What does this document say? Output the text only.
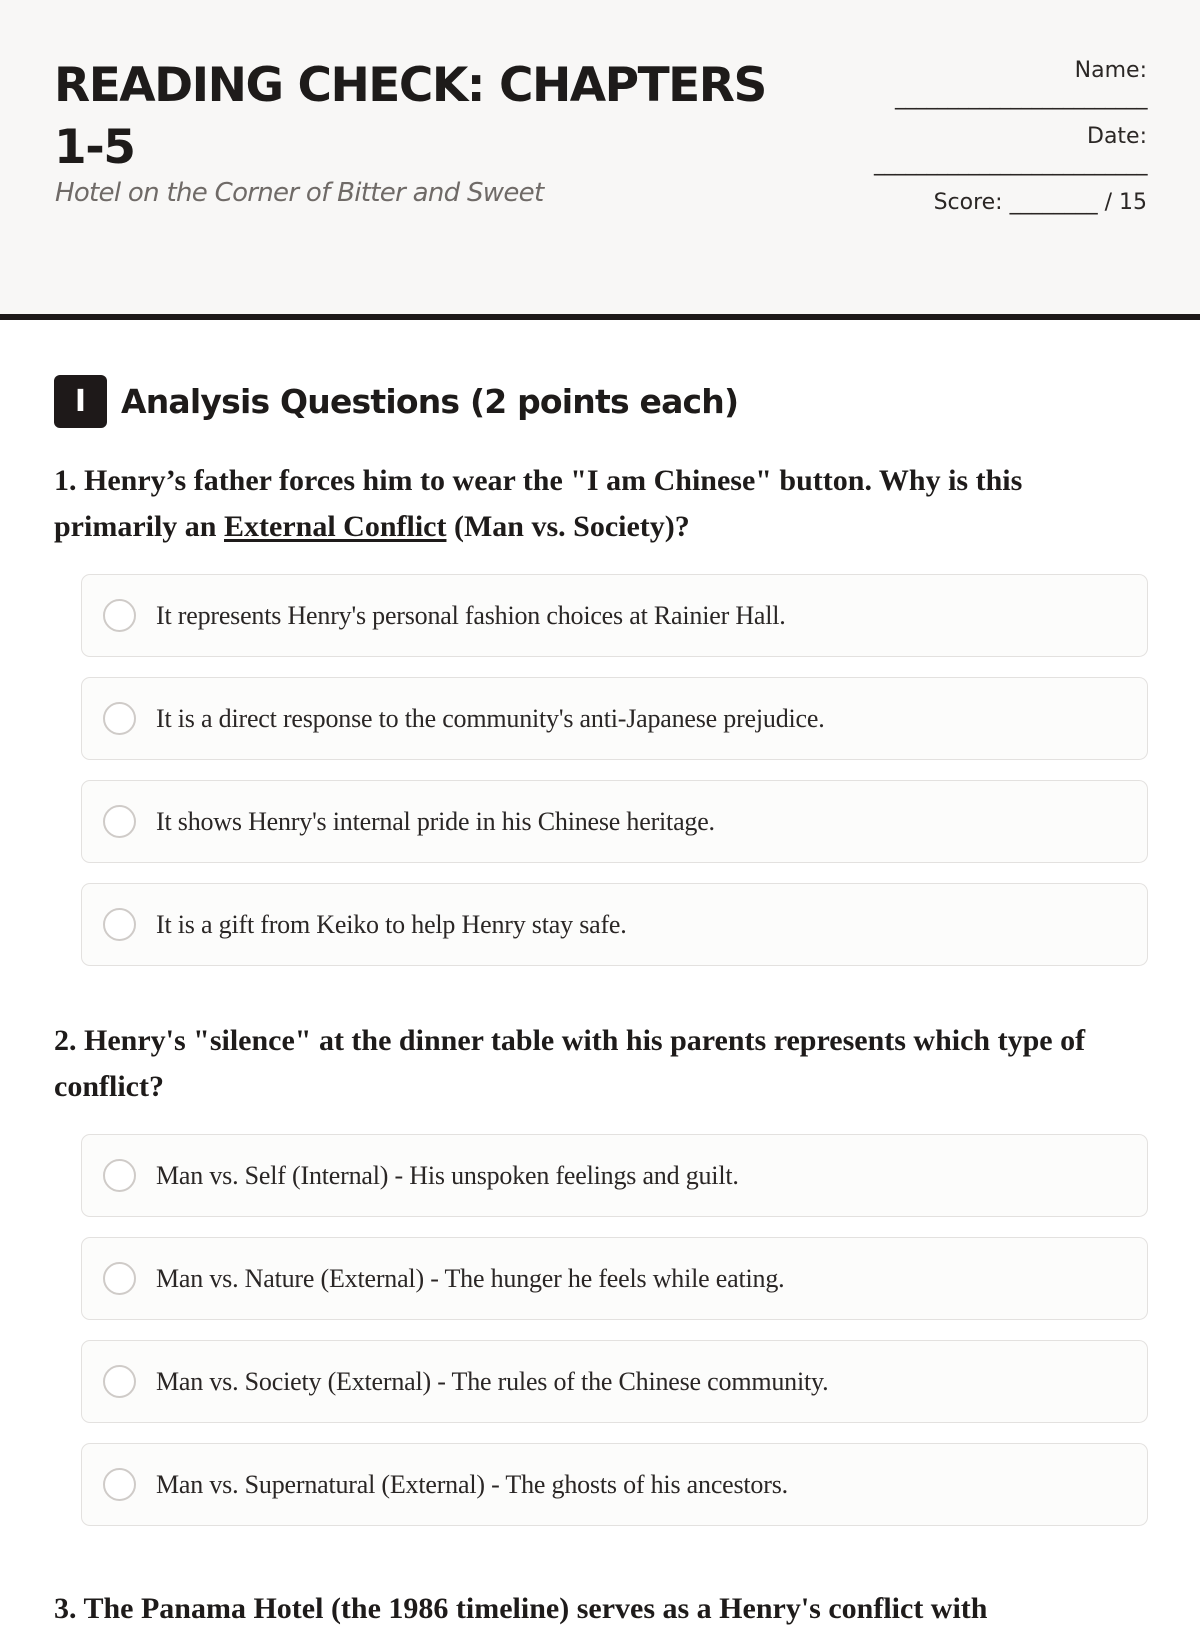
READING CHECK: CHAPTERS 1-5
Hotel on the Corner of Bitter and Sweet
Name:
________________________
Date:
__________________________
Score: ________ / 15
I	Analysis Questions (2 points each)
1. Henry’s father forces him to wear the "I am Chinese" button. Why is this primarily an External Conflict (Man vs. Society)?
It represents Henry's personal fashion choices at Rainier Hall.
It is a direct response to the community's anti-Japanese prejudice.
It shows Henry's internal pride in his Chinese heritage.
It is a gift from Keiko to help Henry stay safe.
2. Henry's "silence" at the dinner table with his parents represents which type of conflict?
Man vs. Self (Internal) - His unspoken feelings and guilt.
Man vs. Nature (External) - The hunger he feels while eating.
Man vs. Society (External) - The rules of the Chinese community.
Man vs. Supernatural (External) - The ghosts of his ancestors.
3. The Panama Hotel (the 1986 timeline) serves as a Henry's conflict with
